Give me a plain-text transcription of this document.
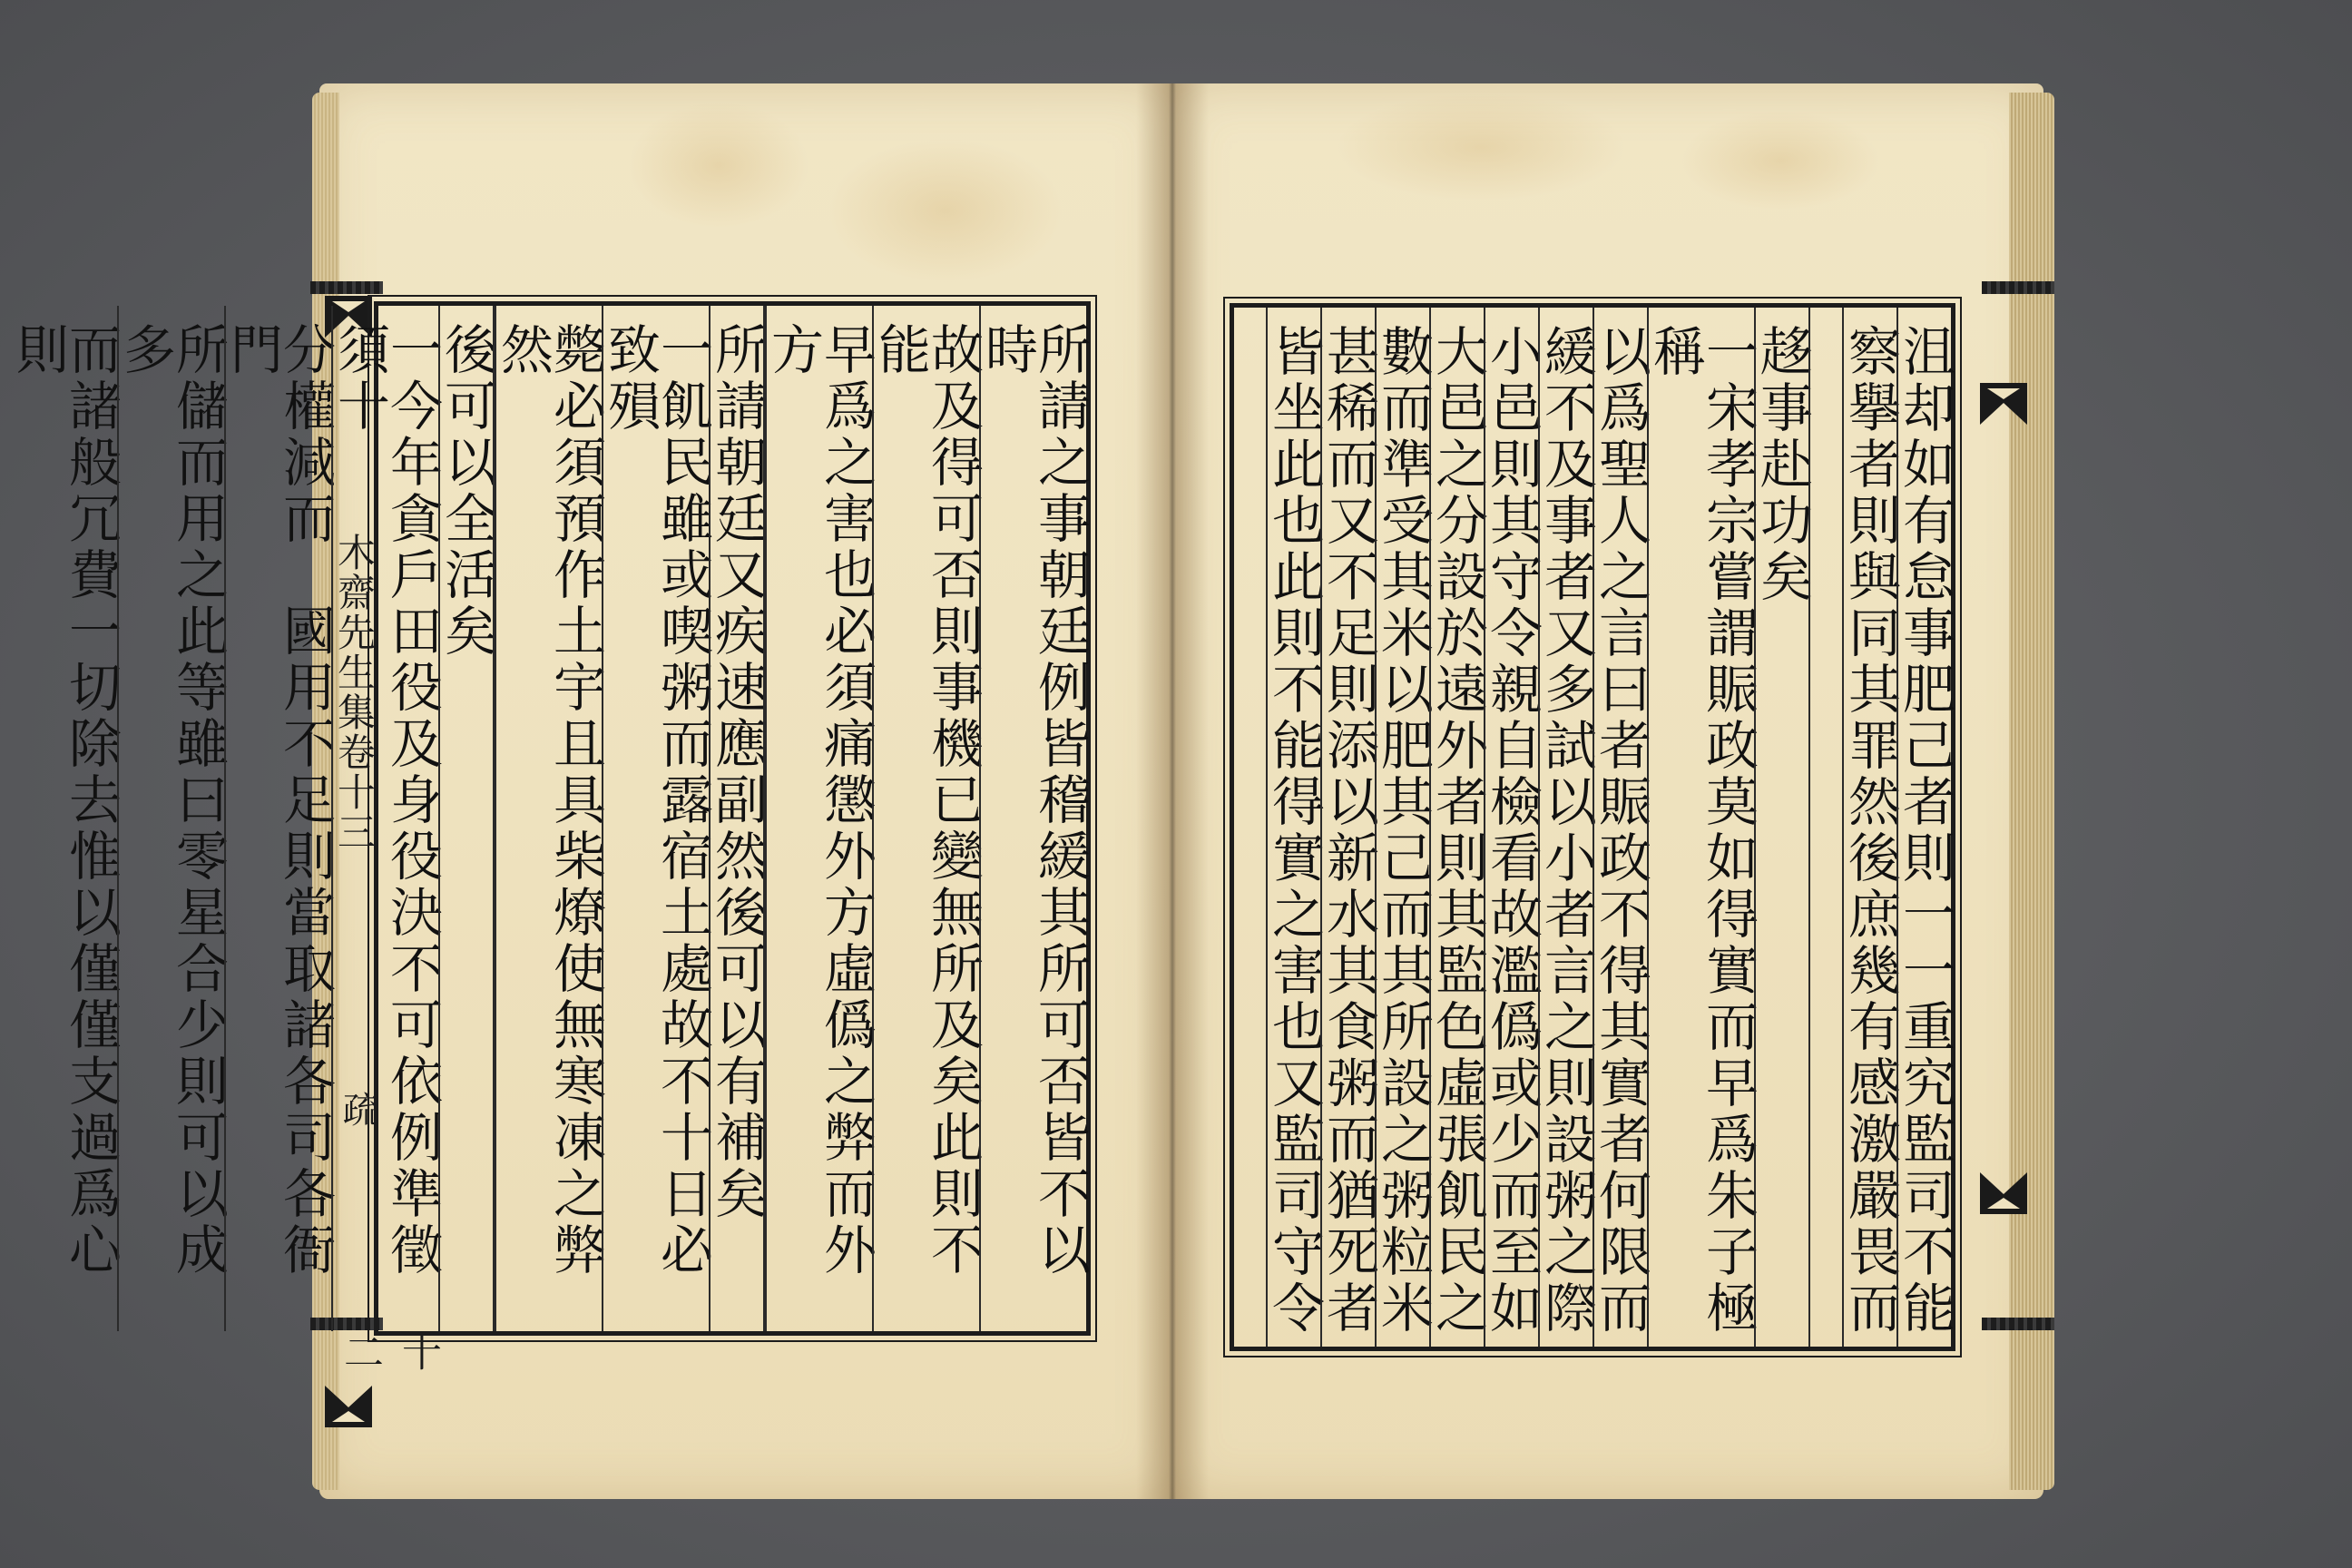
木齋先生集卷十三
疏
十二
所請之事朝廷例皆稽緩其所可否皆不以時
故及得可否則事機已變無所及矣此則不能
早爲之害也必須痛懲外方虛僞之弊而外方
所請朝廷又疾速應副然後可以有補矣
一飢民雖或喫粥而露宿土處故不十日必致殞
斃必須預作土宇且具柴燎使無寒凍之弊然
後可以全活矣
一今年貪戶田役及身役決不可依例準徵須十
分權減而　國用不足則當取諸各司各衙門
所儲而用之此等雖曰零星合少則可以成多
而諸般冗費一切除去惟以僅僅支過爲心則	沮却如有怠事肥己者則一一重究監司不能
察擧者則與同其罪然後庶幾有感激嚴畏而
趍事赴功矣
一宋孝宗嘗謂賑政莫如得實而早爲朱子極稱
以爲聖人之言曰者賑政不得其實者何限而
緩不及事者又多試以小者言之則設粥之際
小邑則其守令親自檢看故濫僞或少而至如
大邑之分設於遠外者則其監色虛張飢民之
數而準受其米以肥其己而其所設之粥粒米
甚稀而又不足則添以新水其食粥而猶死者
皆坐此也此則不能得實之害也又監司守令
